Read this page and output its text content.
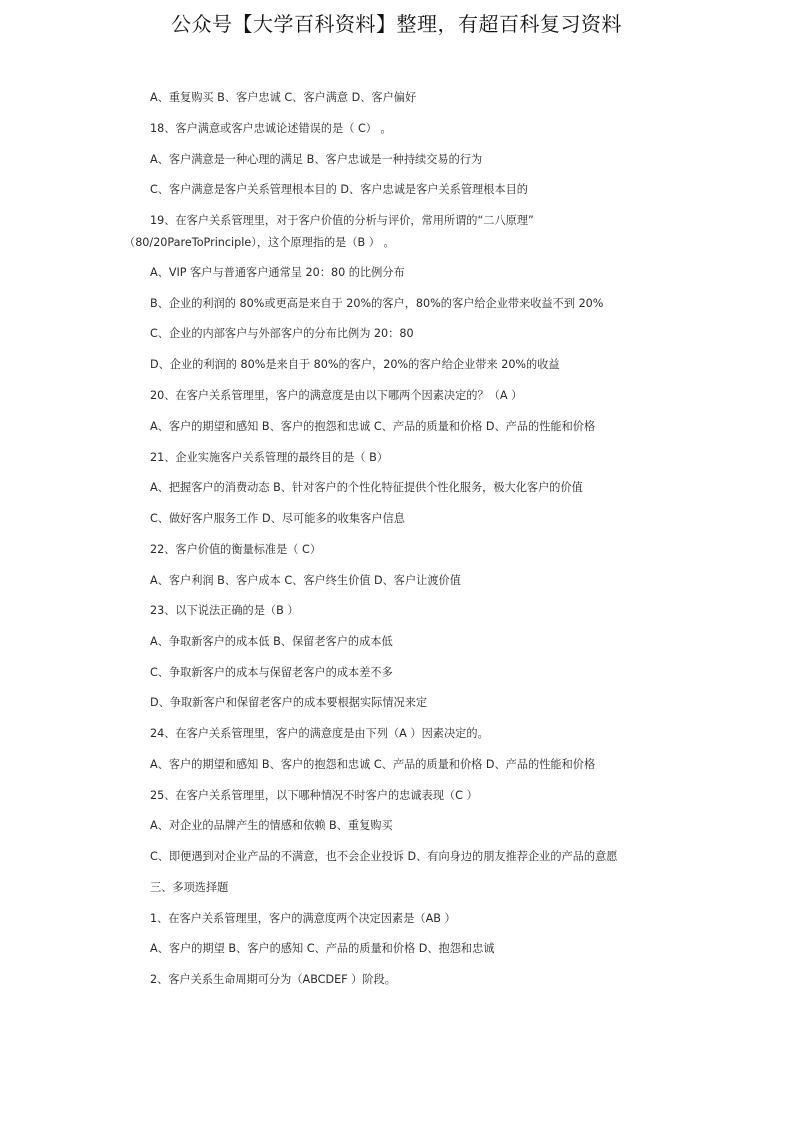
公众号【大学百科资料】整理，有超百科复习资料
A、重复购买 B、客户忠诚 C、客户满意 D、客户偏好
18、客户满意或客户忠诚论述错误的是（ C） 。
A、客户满意是一种心理的满足 B、客户忠诚是一种持续交易的行为
C、客户满意是客户关系管理根本目的 D、客户忠诚是客户关系管理根本目的
19、在客户关系管理里，对于客户价值的分析与评价，常用所谓的“二八原理”
（80/20PareToPrinciple），这个原理指的是（B ） 。
A、VIP 客户与普通客户通常呈 20：80 的比例分布
B、企业的利润的 80%或更高是来自于 20%的客户，80%的客户给企业带来收益不到 20%
C、企业的内部客户与外部客户的分布比例为 20：80
D、企业的利润的 80%是来自于 80%的客户，20%的客户给企业带来 20%的收益
20、在客户关系管理里，客户的满意度是由以下哪两个因素决定的？（A ）
A、客户的期望和感知 B、客户的抱怨和忠诚 C、产品的质量和价格 D、产品的性能和价格
21、企业实施客户关系管理的最终目的是（ B）
A、把握客户的消费动态 B、针对客户的个性化特征提供个性化服务，极大化客户的价值
C、做好客户服务工作 D、尽可能多的收集客户信息
22、客户价值的衡量标准是（ C）
A、客户利润 B、客户成本 C、客户终生价值 D、客户让渡价值
23、以下说法正确的是（B ）
A、争取新客户的成本低 B、保留老客户的成本低
C、争取新客户的成本与保留老客户的成本差不多
D、争取新客户和保留老客户的成本要根据实际情况来定
24、在客户关系管理里，客户的满意度是由下列（A ）因素决定的。
A、客户的期望和感知 B、客户的抱怨和忠诚 C、产品的质量和价格 D、产品的性能和价格
25、在客户关系管理里，以下哪种情况不时客户的忠诚表现（C ）
A、对企业的品牌产生的情感和依赖 B、重复购买
C、即便遇到对企业产品的不满意，也不会企业投诉 D、有向身边的朋友推荐企业的产品的意愿
三、多项选择题
1、在客户关系管理里，客户的满意度两个决定因素是（AB ）
A、客户的期望 B、客户的感知 C、产品的质量和价格 D、抱怨和忠诚
2、客户关系生命周期可分为（ABCDEF ）阶段。
